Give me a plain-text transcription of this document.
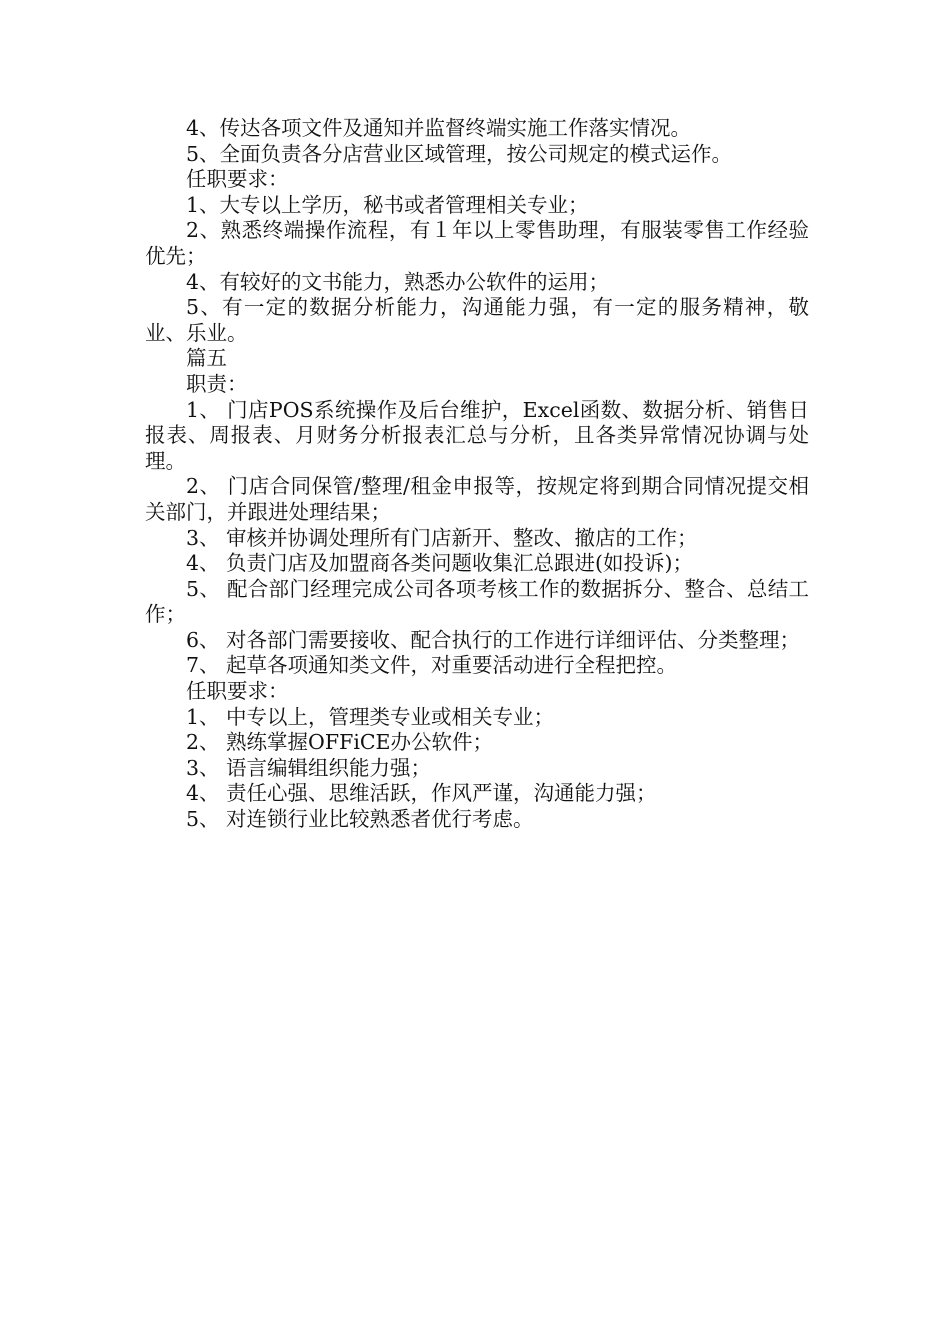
4、传达各项文件及通知并监督终端实施工作落实情况。

5、全面负责各分店营业区域管理，按公司规定的模式运作。

任职要求：

1、大专以上学历，秘书或者管理相关专业；

2、熟悉终端操作流程，有１年以上零售助理，有服装零售工作经验优先；

4、有较好的文书能力，熟悉办公软件的运用；

5、有一定的数据分析能力，沟通能力强，有一定的服务精神，敬业、乐业。

篇五

职责：

1、 门店POS系统操作及后台维护，Excel函数、数据分析、销售日报表、周报表、月财务分析报表汇总与分析，且各类异常情况协调与处理。

2、 门店合同保管/整理/租金申报等，按规定将到期合同情况提交相关部门，并跟进处理结果；

3、 审核并协调处理所有门店新开、整改、撤店的工作；

4、 负责门店及加盟商各类问题收集汇总跟进(如投诉)；

5、 配合部门经理完成公司各项考核工作的数据拆分、整合、总结工作；

6、 对各部门需要接收、配合执行的工作进行详细评估、分类整理；

7、 起草各项通知类文件，对重要活动进行全程把控。

任职要求：

1、 中专以上，管理类专业或相关专业；

2、 熟练掌握OFFiCE办公软件；

3、 语言编辑组织能力强；

4、 责任心强、思维活跃，作风严谨，沟通能力强；

5、 对连锁行业比较熟悉者优行考虑。
